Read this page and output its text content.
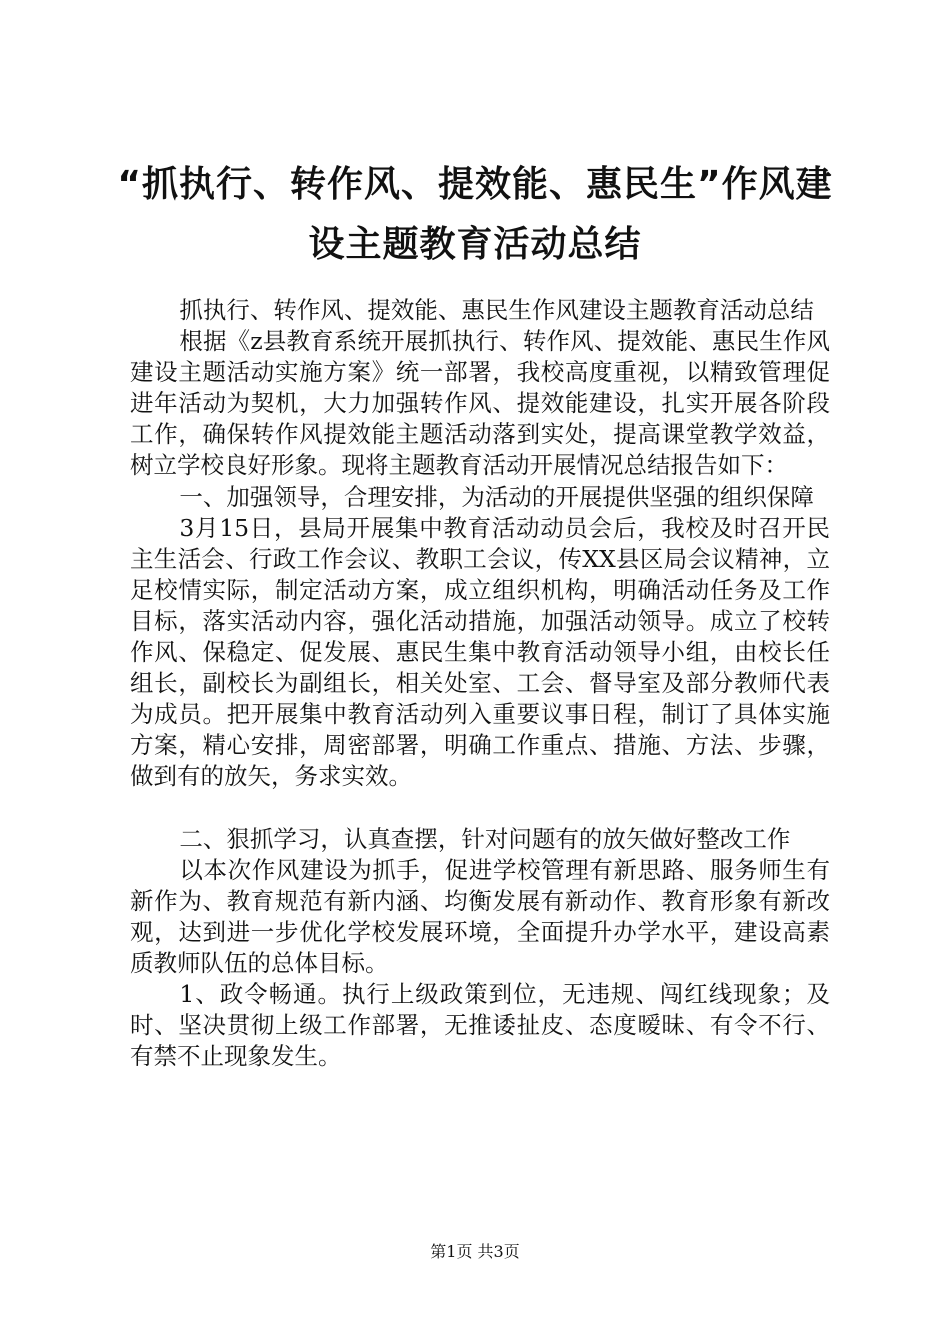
“抓执行、转作风、提效能、惠民生”作风建
设主题教育活动总结

抓执行、转作风、提效能、惠民生作风建设主题教育活动总结

根据《z县教育系统开展抓执行、转作风、提效能、惠民生作风建设主题活动实施方案》统一部署，我校高度重视，以精致管理促进年活动为契机，大力加强转作风、提效能建设，扎实开展各阶段工作，确保转作风提效能主题活动落到实处，提高课堂教学效益，树立学校良好形象。现将主题教育活动开展情况总结报告如下：

一、加强领导，合理安排，为活动的开展提供坚强的组织保障

3月15日，县局开展集中教育活动动员会后，我校及时召开民主生活会、行政工作会议、教职工会议，传XX县区局会议精神，立足校情实际，制定活动方案，成立组织机构，明确活动任务及工作目标，落实活动内容，强化活动措施，加强活动领导。成立了校转作风、保稳定、促发展、惠民生集中教育活动领导小组，由校长任组长，副校长为副组长，相关处室、工会、督导室及部分教师代表为成员。把开展集中教育活动列入重要议事日程，制订了具体实施方案，精心安排，周密部署，明确工作重点、措施、方法、步骤，做到有的放矢，务求实效。

二、狠抓学习，认真查摆，针对问题有的放矢做好整改工作

以本次作风建设为抓手，促进学校管理有新思路、服务师生有新作为、教育规范有新内涵、均衡发展有新动作、教育形象有新改观，达到进一步优化学校发展环境，全面提升办学水平，建设高素质教师队伍的总体目标。

1、政令畅通。执行上级政策到位，无违规、闯红线现象；及时、坚决贯彻上级工作部署，无推诿扯皮、态度暧昧、有令不行、有禁不止现象发生。

第1页 共3页
